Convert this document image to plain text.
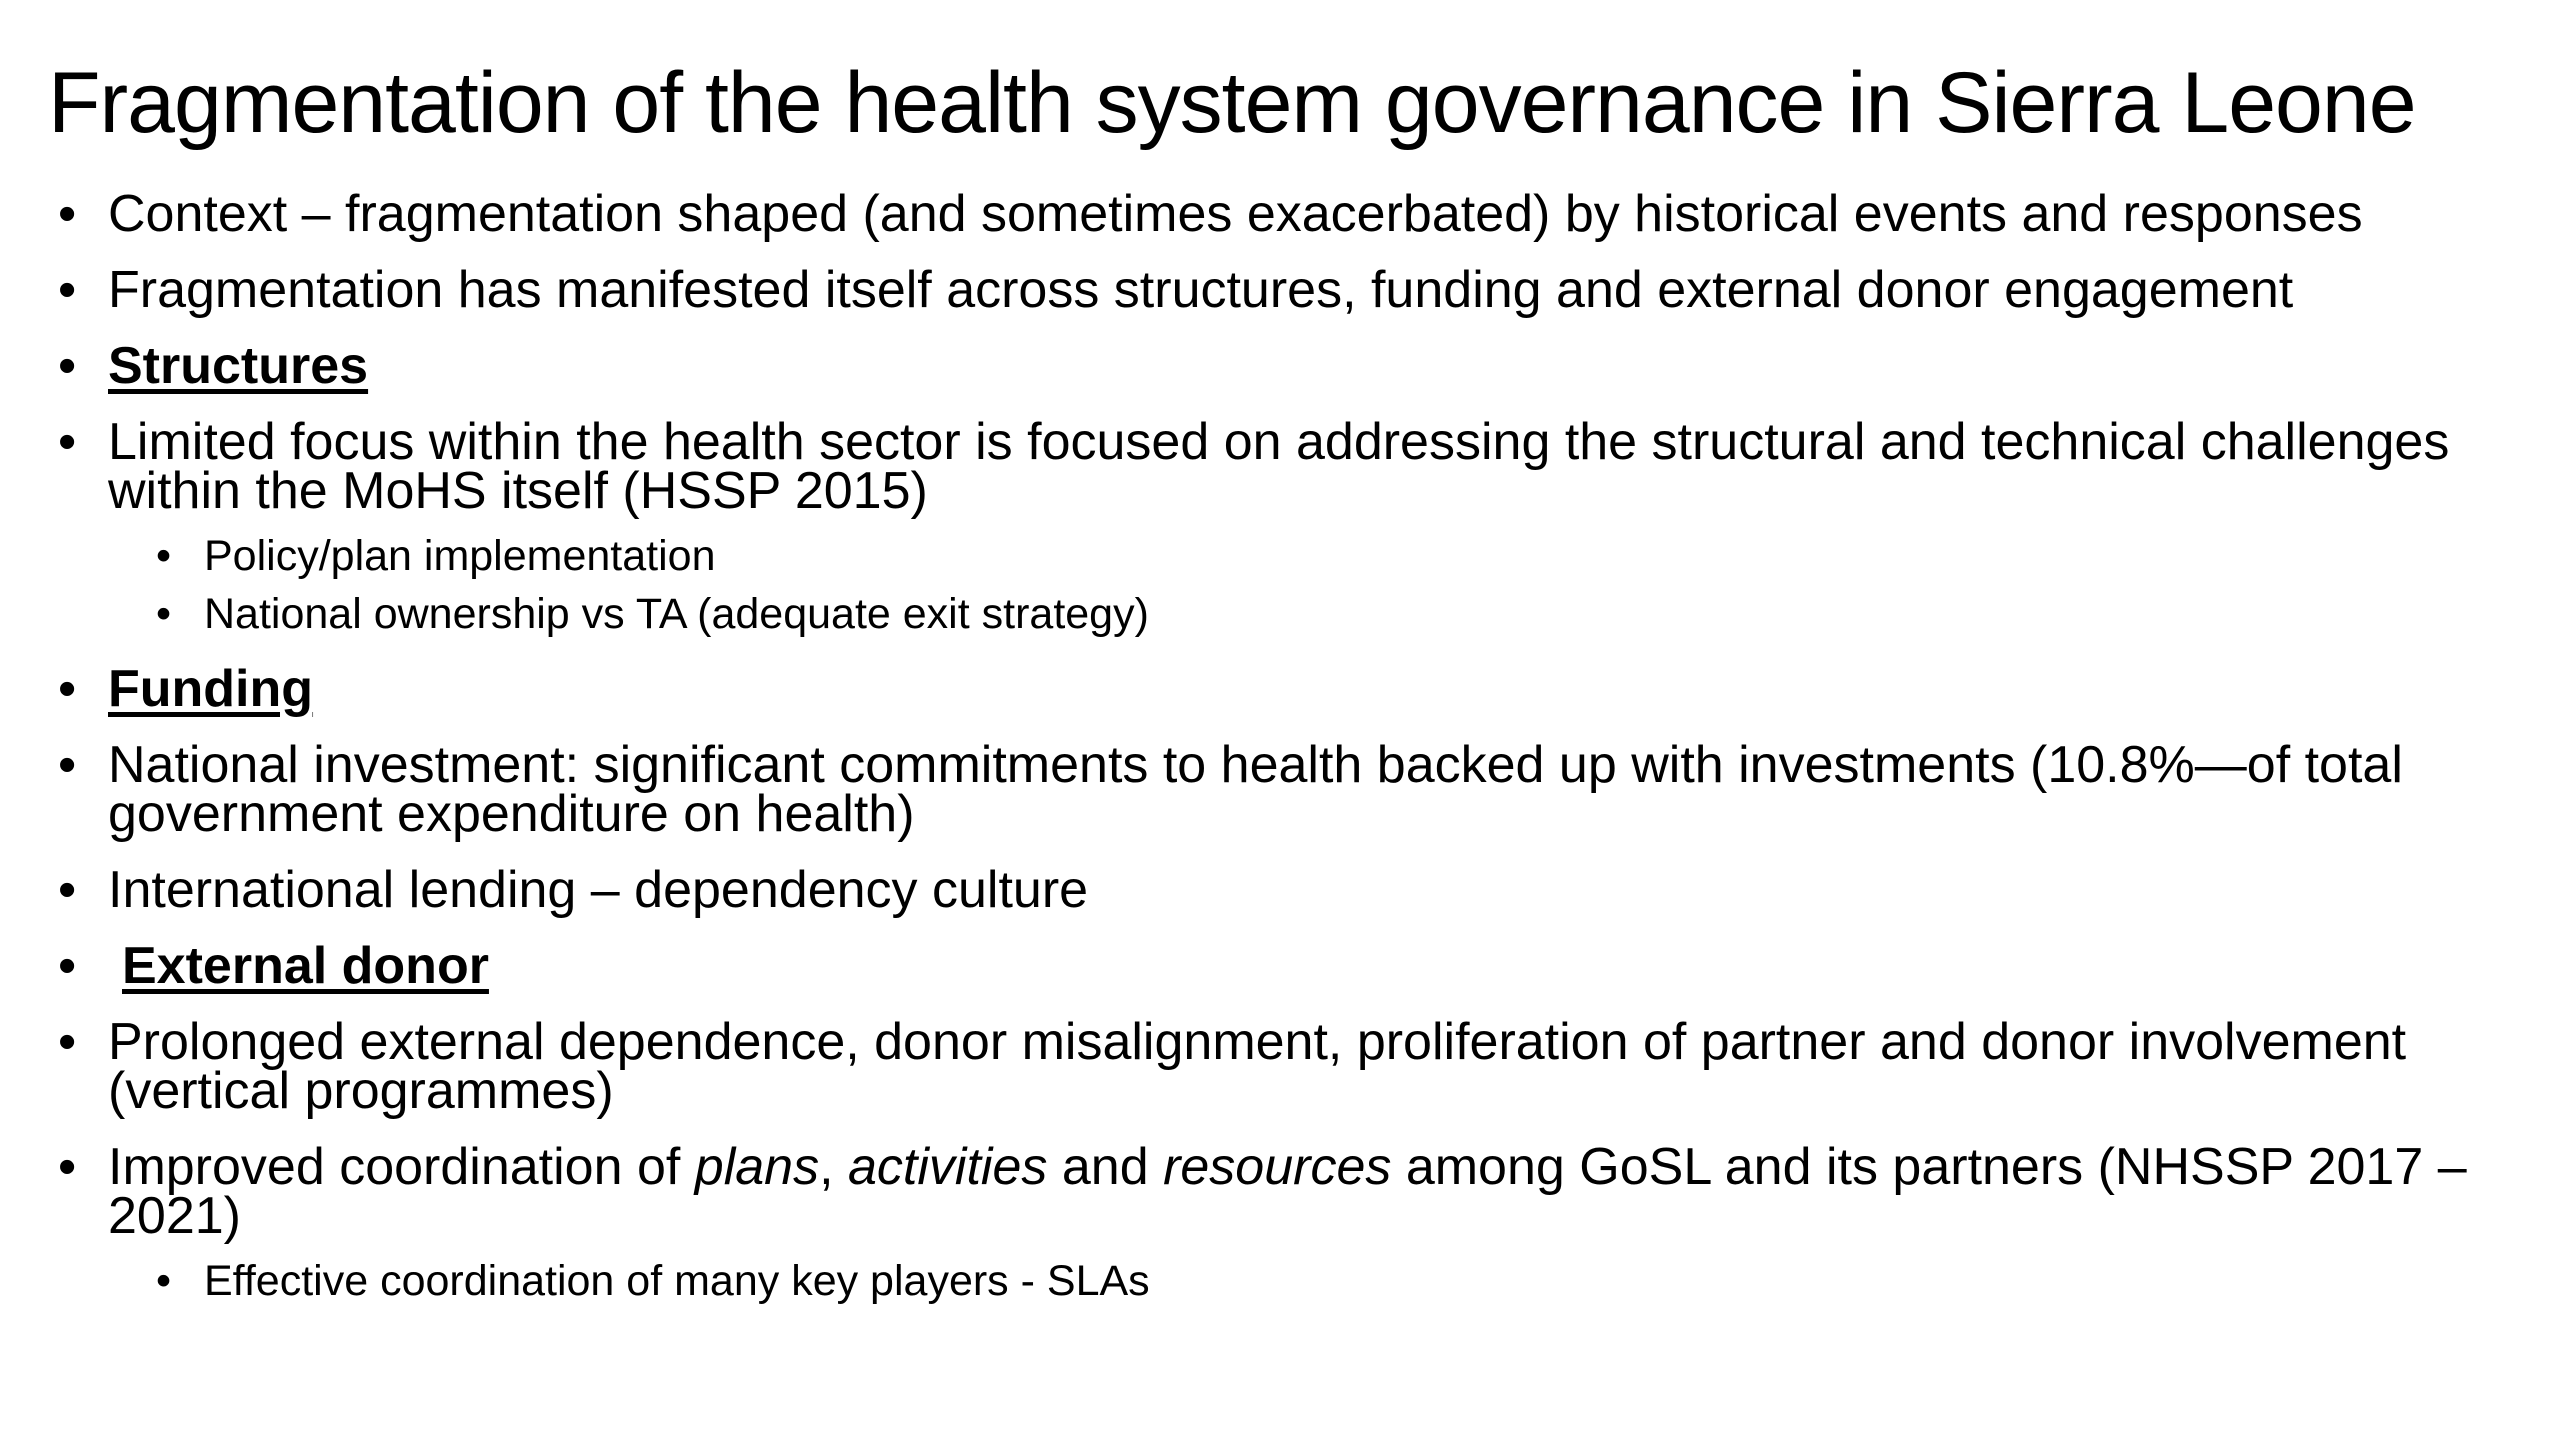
Fragmentation of the health system governance in Sierra Leone
• Context – fragmentation shaped (and sometimes exacerbated) by historical events and responses
• Fragmentation has manifested itself across structures, funding and external donor engagement
• Structures
• Limited focus within the health sector is focused on addressing the structural and technical challenges within the MoHS itself (HSSP 2015)
• Policy/plan implementation
• National ownership vs TA (adequate exit strategy)
• Funding
• National investment: significant commitments to health backed up with investments (10.8%—of total government expenditure on health)
• International lending – dependency culture
• External donor
• Prolonged external dependence, donor misalignment, proliferation of partner and donor involvement (vertical programmes)
• Improved coordination of plans, activities and resources among GoSL and its partners (NHSSP 2017 – 2021)
• Effective coordination of many key players - SLAs
